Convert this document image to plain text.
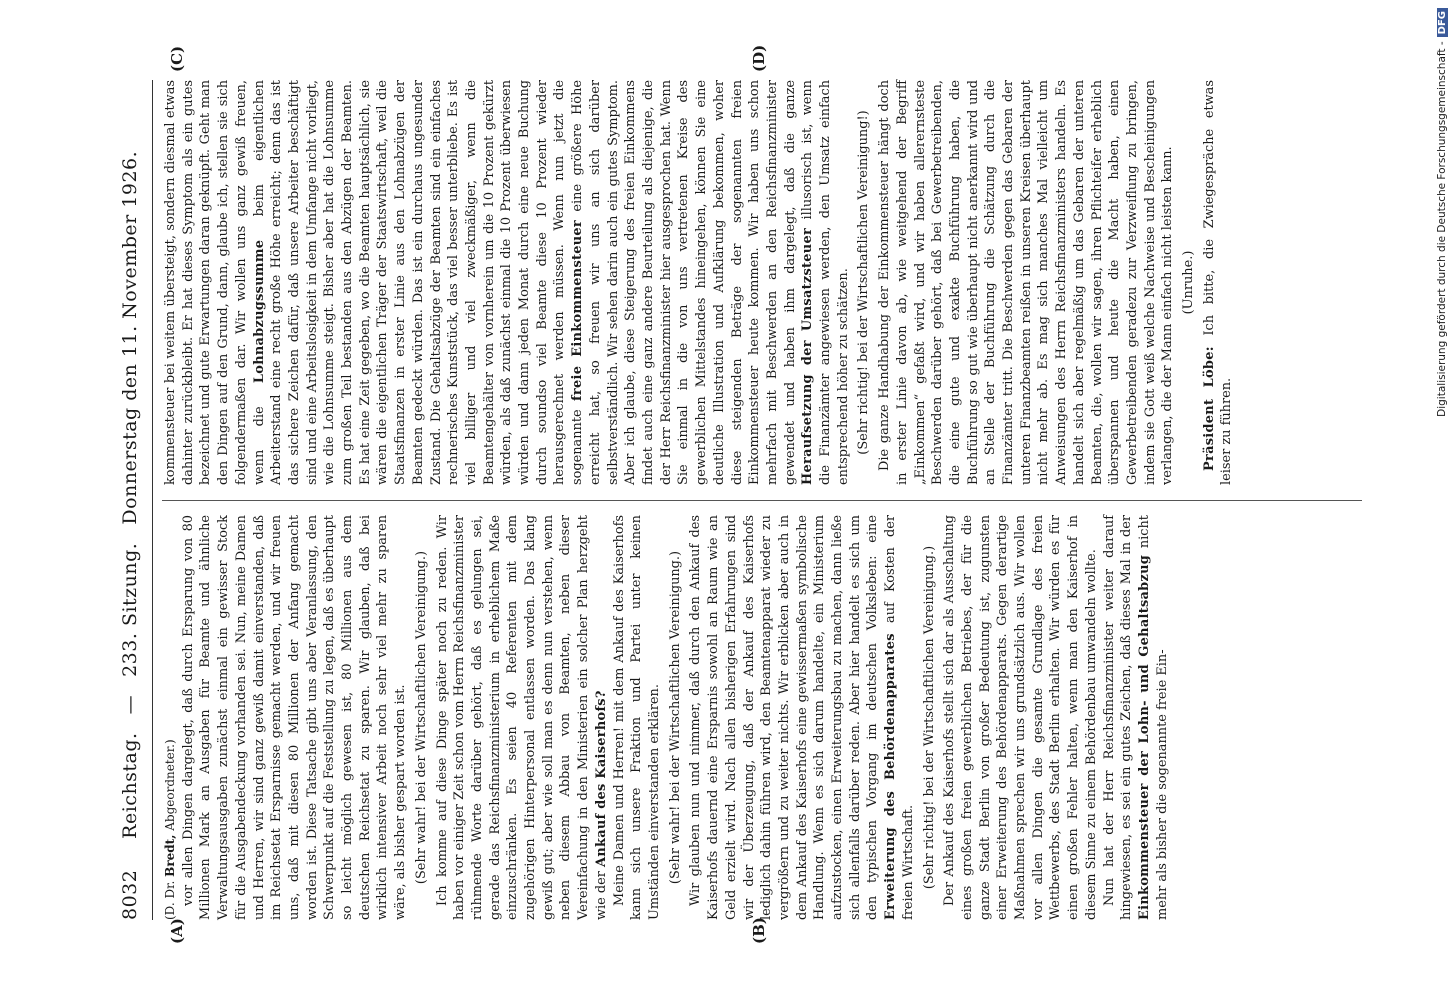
8032
Reichstag.
—
233. Sitzung.
Donnerstag den 11. November 1926.
(A)	(B)
(C)	(D)

(D. Dr. Bredt, Abgeordneter.) vor allen Dingen dargelegt, daß durch Ersparung von 80 Millionen Mark an Ausgaben für Beamte und ähnliche Verwaltungsausgaben zunächst einmal ein gewisser Stock für die Ausgabendeckung vorhanden sei. Nun, meine Damen und Herren, wir sind ganz gewiß damit einverstanden, daß im Reichsetat Ersparnisse gemacht werden, und wir freuen uns, daß mit diesen 80 Millionen der Anfang gemacht worden ist. Diese Tatsache gibt uns aber Veranlassung, den Schwerpunkt auf die Feststellung zu legen, daß es überhaupt so leicht möglich gewesen ist, 80 Millionen aus dem deutschen Reichsetat zu sparen. Wir glauben, daß bei wirklich intensiver Arbeit noch sehr viel mehr zu sparen wäre, als bisher gespart worden ist. (Sehr wahr! bei der Wirtschaftlichen Vereinigung.) Ich komme auf diese Dinge später noch zu reden. Wir haben vor einiger Zeit schon vom Herrn Reichsfinanzminister rühmende Worte darüber gehört, daß es gelungen sei, gerade das Reichsfinanzministerium in erheblichem Maße einzuschränken. Es seien 40 Referenten mit dem zugehörigen Hinterpersonal entlassen worden. Das klang gewiß gut; aber wie soll man es denn nun verstehen, wenn neben diesem Abbau von Beamten, neben dieser Vereinfachung in den Ministerien ein solcher Plan herzgeht wie der Ankauf des Kaiserhofs? Meine Damen und Herren! mit dem Ankauf des Kaiserhofs kann sich unsere Fraktion und Partei unter keinen Umständen einverstanden erklären. (Sehr wahr! bei der Wirtschaftlichen Vereinigung.) Wir glauben nun und nimmer, daß durch den Ankauf des Kaiserhofs dauernd eine Ersparnis sowohl an Raum wie an Geld erzielt wird. Nach allen bisherigen Erfahrungen sind wir der Überzeugung, daß der Ankauf des Kaiserhofs lediglich dahin führen wird, den Beamtenapparat wieder zu vergrößern und zu weiter nichts. Wir erblicken aber auch in dem Ankauf des Kaiserhofs eine gewissermaßen symbolische Handlung. Wenn es sich darum handelte, ein Ministerium aufzustocken, einen Erweiterungsbau zu machen, dann ließe sich allenfalls darüber reden. Aber hier handelt es sich um den typischen Vorgang im deutschen Volksleben: eine Erweiterung des Behördenapparates auf Kosten der freien Wirtschaft. (Sehr richtig! bei der Wirtschaftlichen Vereinigung.) Der Ankauf des Kaiserhofs stellt sich dar als Ausschaltung eines großen freien gewerblichen Betriebes, der für die ganze Stadt Berlin von großer Bedeutung ist, zugunsten einer Erweiterung des Behördenapparats. Gegen derartige Maßnahmen sprechen wir uns grundsätzlich aus. Wir wollen vor allen Dingen die gesamte Grundlage des freien Wettbewerbs, des Stadt Berlin erhalten. Wir würden es für einen großen Fehler halten, wenn man den Kaiserhof in diesem Sinne zu einem Behördenbau umwandeln wollte. Nun hat der Herr Reichsfinanzminister weiter darauf hingewiesen, es sei ein gutes Zeichen, daß dieses Mal in der Einkommensteuer der Lohn- und Gehaltsabzug nicht mehr als bisher die sogenannte freie Ein-

kommensteuer bei weitem übersteigt, sondern diesmal etwas dahinter zurückbleibt. Er hat dieses Symptom als ein gutes bezeichnet und gute Erwartungen daran geknüpft. Geht man den Dingen auf den Grund, dann, glaube ich, stellen sie sich folgendermaßen dar. Wir wollen uns ganz gewiß freuen, wenn die Lohnabzugssumme beim eigentlichen Arbeiterstand eine recht große Höhe erreicht; denn das ist das sichere Zeichen dafür, daß unsere Arbeiter beschäftigt sind und eine Arbeitslosigkeit in dem Umfange nicht vorliegt, wie die Lohnsumme steigt. Bisher aber hat die Lohnsumme zum großen Teil bestanden aus den Abzügen der Beamten. Es hat eine Zeit gegeben, wo die Beamten hauptsächlich, sie wären die eigentlichen Träger der Staatswirtschaft, weil die Staatsfinanzen in erster Linie aus den Lohnabzügen der Beamten gedeckt würden. Das ist ein durchaus ungesunder Zustand. Die Gehaltsabzüge der Beamten sind ein einfaches rechnerisches Kunststück, das viel besser unterbliebe. Es ist viel billiger und viel zweckmäßiger, wenn die Beamtengehälter von vornherein um die 10 Prozent gekürzt würden, als daß zunächst einmal die 10 Prozent überwiesen würden und dann jeden Monat durch eine neue Buchung durch soundso viel Beamte diese 10 Prozent wieder herausgerechnet werden müssen. Wenn nun jetzt die sogenannte freie Einkommensteuer eine größere Höhe erreicht hat, so freuen wir uns an sich darüber selbstverständlich. Wir sehen darin auch ein gutes Symptom. Aber ich glaube, diese Steigerung des freien Einkommens findet auch eine ganz andere Beurteilung als diejenige, die der Herr Reichsfinanzminister hier ausgesprochen hat. Wenn Sie einmal in die von uns vertretenen Kreise des gewerblichen Mittelstandes hineingehen, können Sie eine deutliche Illustration und Aufklärung bekommen, woher diese steigenden Beträge der sogenannten freien Einkommensteuer heute kommen. Wir haben uns schon mehrfach mit Beschwerden an den Reichsfinanzminister gewendet und haben ihm dargelegt, daß die ganze Heraufsetzung der Umsatzsteuer illusorisch ist, wenn die Finanzämter angewiesen werden, den Umsatz einfach entsprechend höher zu schätzen. (Sehr richtig! bei der Wirtschaftlichen Vereinigung!) Die ganze Handhabung der Einkommensteuer hängt doch in erster Linie davon ab, wie weitgehend der Begriff „Einkommen“ gefaßt wird, und wir haben allerernsteste Beschwerden darüber gehört, daß bei Gewerbetreibenden, die eine gute und exakte Buchführung haben, die Buchführung so gut wie überhaupt nicht anerkannt wird und an Stelle der Buchführung die Schätzung durch die Finanzämter tritt. Die Beschwerden gegen das Gebaren der unteren Finanzbeamten reißen in unseren Kreisen überhaupt nicht mehr ab. Es mag sich manches Mal vielleicht um Anweisungen des Herrn Reichsfinanzministers handeln. Es handelt sich aber regelmäßig um das Gebaren der unteren Beamten, die, wollen wir sagen, ihren Pflichteifer erheblich überspannen und heute die Macht haben, einen Gewerbetreibenden geradezu zur Verzweiflung zu bringen, indem sie Gott weiß welche Nachweise und Bescheinigungen verlangen, die der Mann einfach nicht leisten kann. (Unruhe.)

Präsident Löbe: Ich bitte, die Zwiegespräche etwas leiser zu führen.

Digitalisierung gefördert durch die Deutsche Forschungsgemeinschaft -
DFG
